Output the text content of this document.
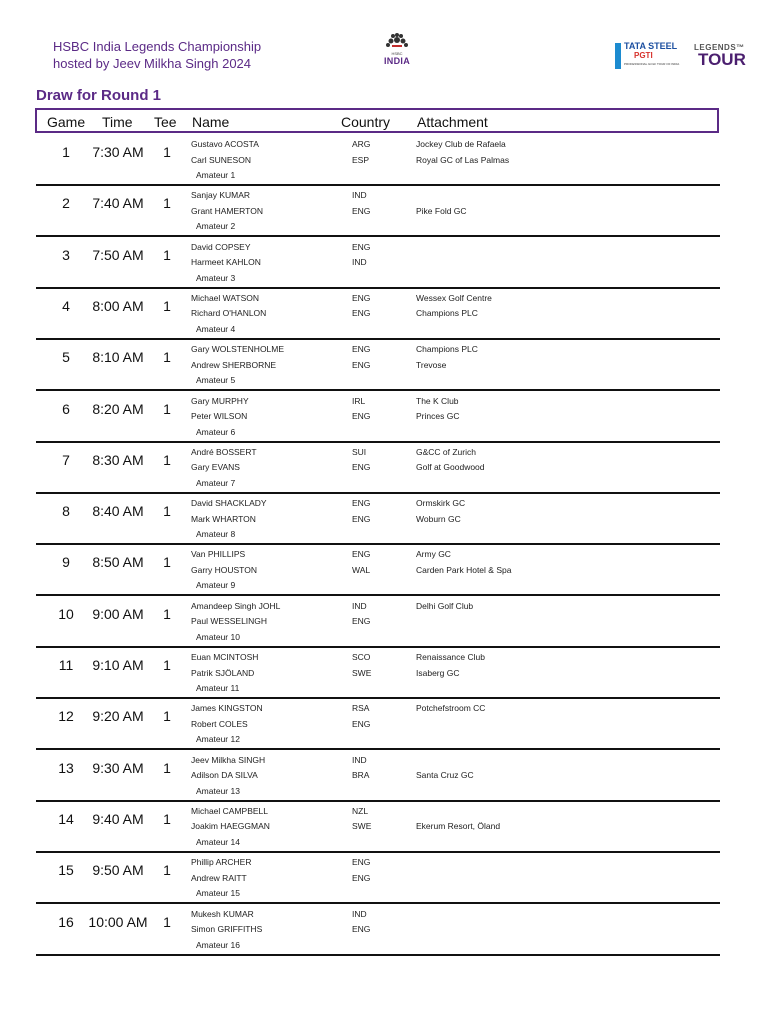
HSBC India Legends Championship
hosted by Jeev Milkha Singh 2024
HSBC
INDIA
TATA STEEL
PGTI
PROFESSIONAL GOLF TOUR OF INDIA
LEGENDS™
TOUR
Draw for Round 1
Game Time Tee Name	Country Attachment
1	7:30 AM	1	Gustavo ACOSTA	ARG	Jockey Club de Rafaela
Carl SUNESON	ESP	Royal GC of Las Palmas
Amateur 1
2	7:40 AM	1	Sanjay KUMAR	IND
Grant HAMERTON	ENG	Pike Fold GC
Amateur 2
3	7:50 AM	1	David COPSEY	ENG
Harmeet KAHLON	IND
Amateur 3
4	8:00 AM	1	Michael WATSON	ENG	Wessex Golf Centre
Richard O'HANLON	ENG	Champions PLC
Amateur 4
5	8:10 AM	1	Gary WOLSTENHOLME	ENG	Champions PLC
Andrew SHERBORNE	ENG	Trevose
Amateur 5
6	8:20 AM	1	Gary MURPHY	IRL	The K Club
Peter WILSON	ENG	Princes GC
Amateur 6
7	8:30 AM	1	André BOSSERT	SUI	G&CC of Zurich
Gary EVANS	ENG	Golf at Goodwood
Amateur 7
8	8:40 AM	1	David SHACKLADY	ENG	Ormskirk GC
Mark WHARTON	ENG	Woburn GC
Amateur 8
9	8:50 AM	1	Van PHILLIPS	ENG	Army GC
Garry HOUSTON	WAL	Carden Park Hotel & Spa
Amateur 9
10	9:00 AM	1	Amandeep Singh JOHL	IND	Delhi Golf Club
Paul WESSELINGH	ENG
Amateur 10
11	9:10 AM	1	Euan MCINTOSH	SCO	Renaissance Club
Patrik SJÖLAND	SWE	Isaberg GC
Amateur 11
12	9:20 AM	1	James KINGSTON	RSA	Potchefstroom CC
Robert COLES	ENG
Amateur 12
13	9:30 AM	1	Jeev Milkha SINGH	IND
Adilson DA SILVA	BRA	Santa Cruz GC
Amateur 13
14	9:40 AM	1	Michael CAMPBELL	NZL
Joakim HAEGGMAN	SWE	Ekerum Resort, Öland
Amateur 14
15	9:50 AM	1	Phillip ARCHER	ENG
Andrew RAITT	ENG
Amateur 15
16	10:00 AM 1	Mukesh KUMAR	IND
Simon GRIFFITHS	ENG
Amateur 16
